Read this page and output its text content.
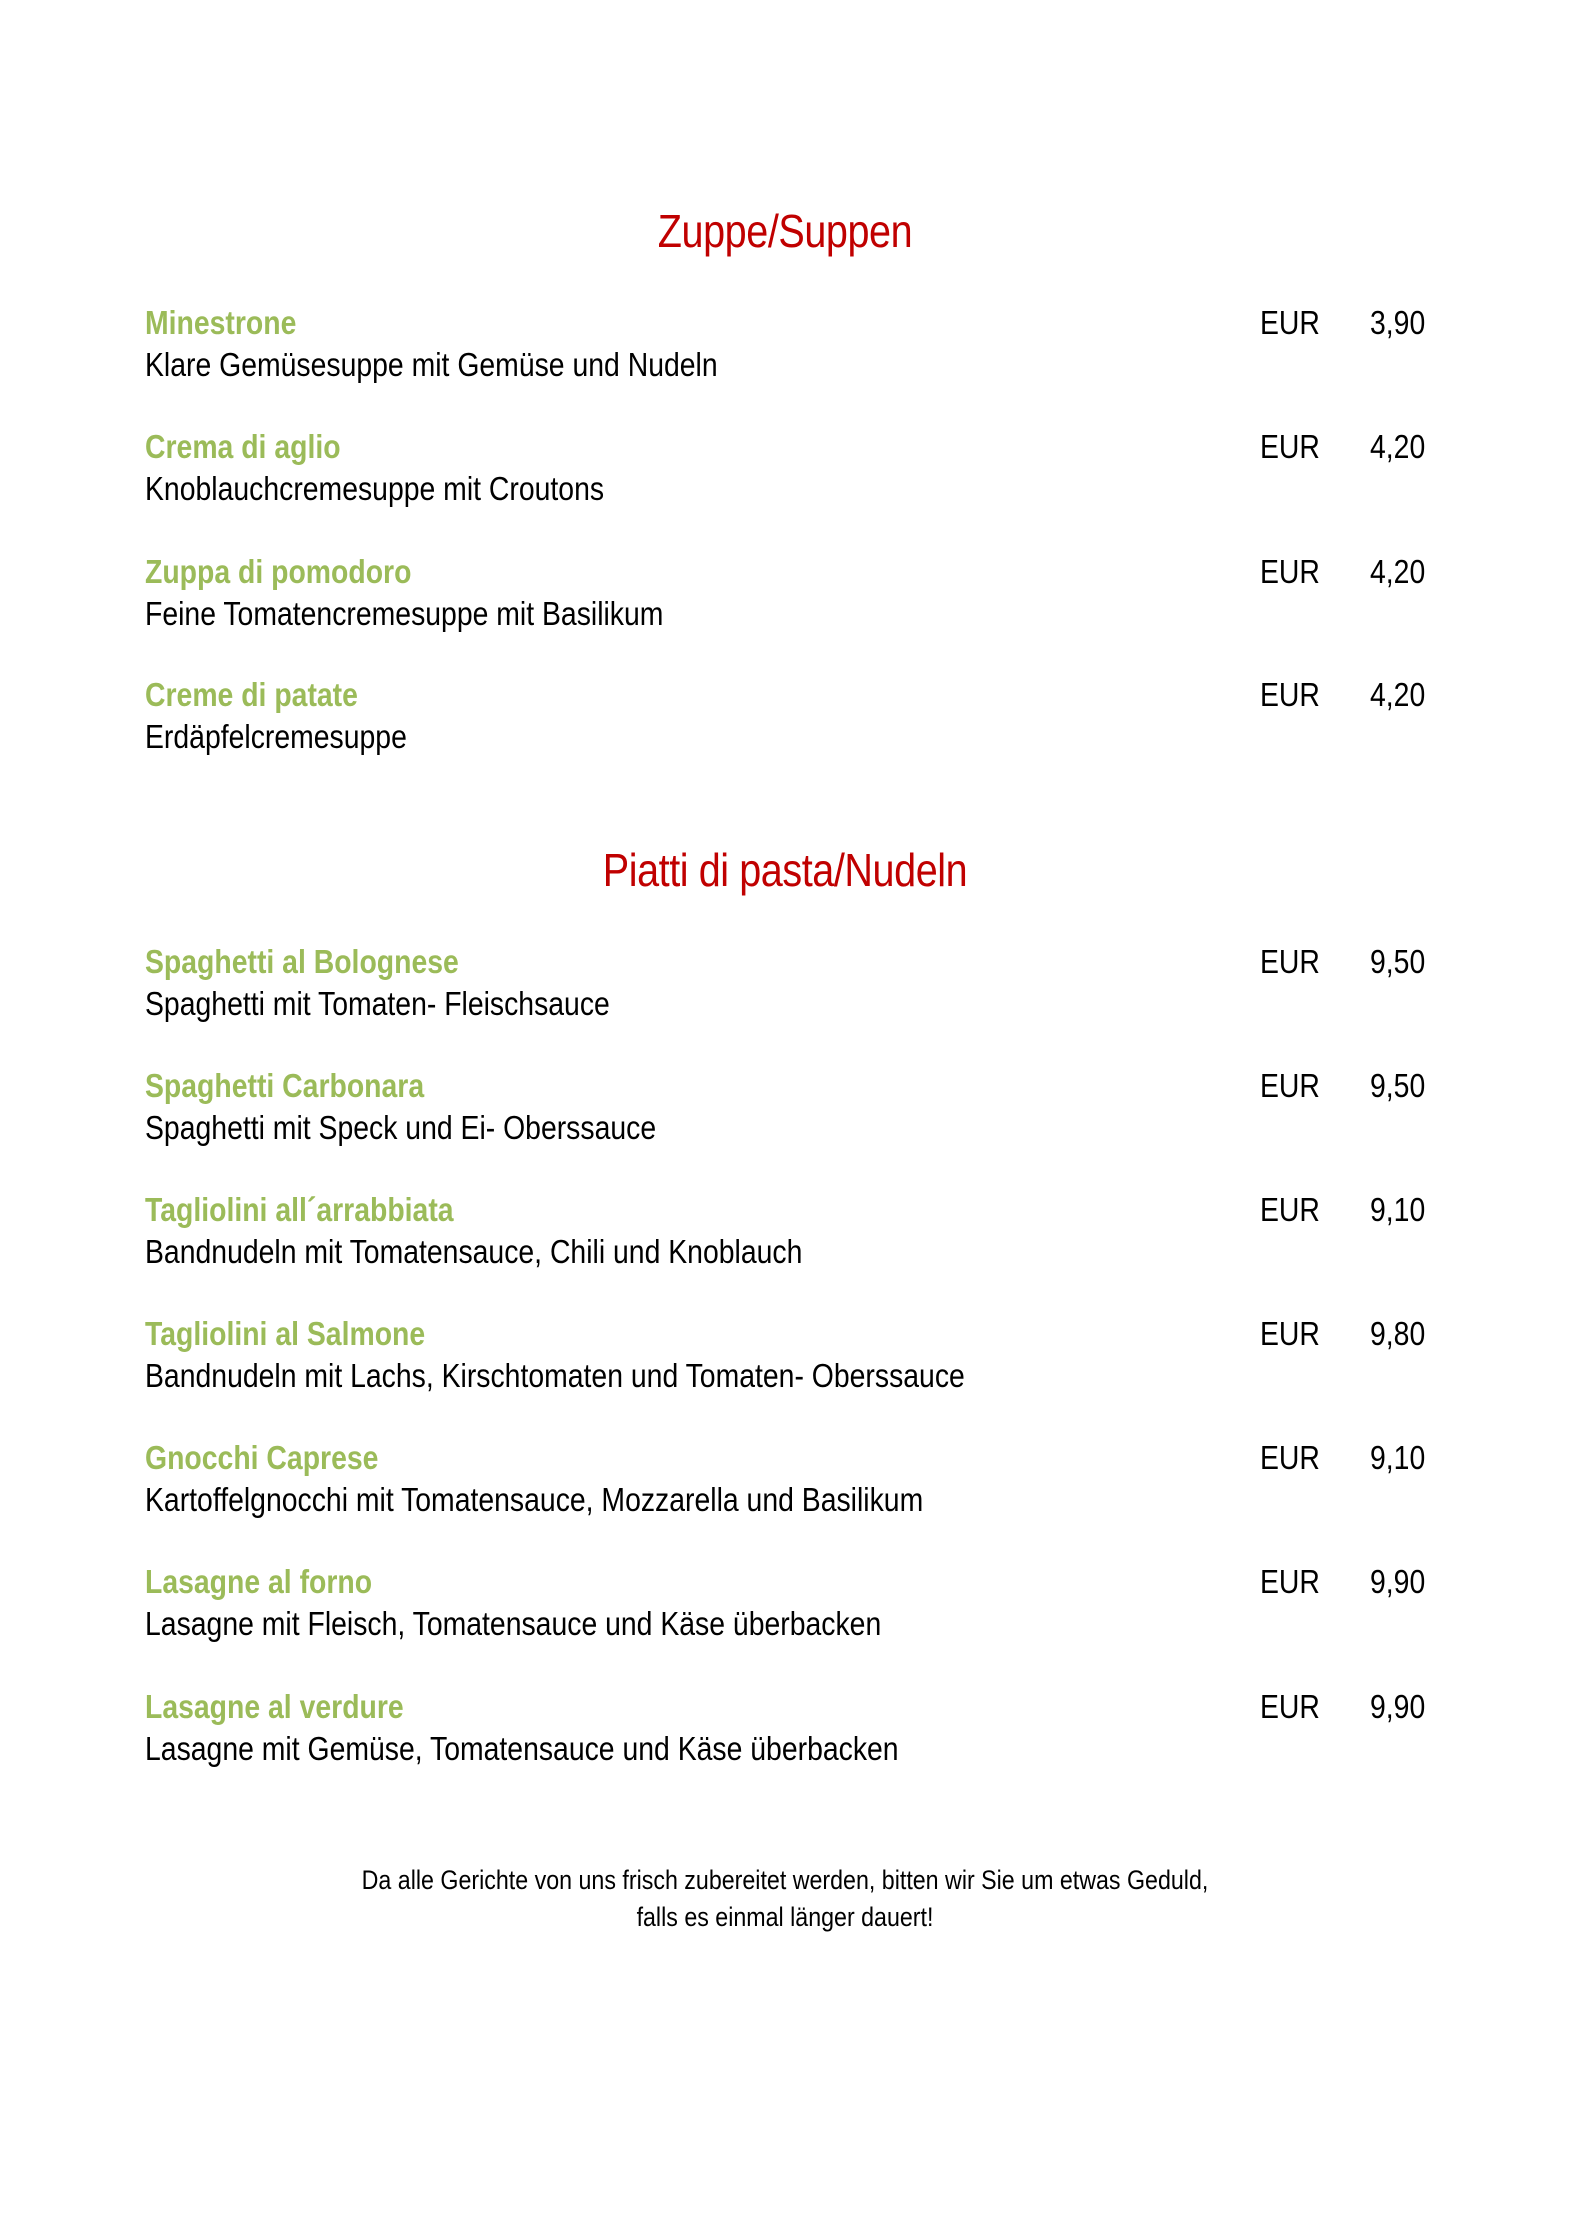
Zuppe/Suppen
Minestrone
Klare Gemüsesuppe mit Gemüse und Nudeln
EUR 3,90
Crema di aglio
Knoblauchcremesuppe mit Croutons
EUR 4,20
Zuppa di pomodoro
Feine Tomatencremesuppe mit Basilikum
EUR 4,20
Creme di patate
Erdäpfelcremesuppe
EUR 4,20
Piatti di pasta/Nudeln
Spaghetti al Bolognese
Spaghetti mit Tomaten- Fleischsauce
EUR 9,50
Spaghetti Carbonara
Spaghetti mit Speck und Ei- Oberssauce
EUR 9,50
Tagliolini all´arrabbiata
Bandnudeln mit Tomatensauce, Chili und Knoblauch
EUR 9,10
Tagliolini al Salmone
Bandnudeln mit Lachs, Kirschtomaten und Tomaten- Oberssauce
EUR 9,80
Gnocchi Caprese
Kartoffelgnocchi mit Tomatensauce, Mozzarella und Basilikum
EUR 9,10
Lasagne al forno
Lasagne mit Fleisch, Tomatensauce und Käse überbacken
EUR 9,90
Lasagne al verdure
Lasagne mit Gemüse, Tomatensauce und Käse überbacken
EUR 9,90
Da alle Gerichte von uns frisch zubereitet werden, bitten wir Sie um etwas Geduld,
falls es einmal länger dauert!
